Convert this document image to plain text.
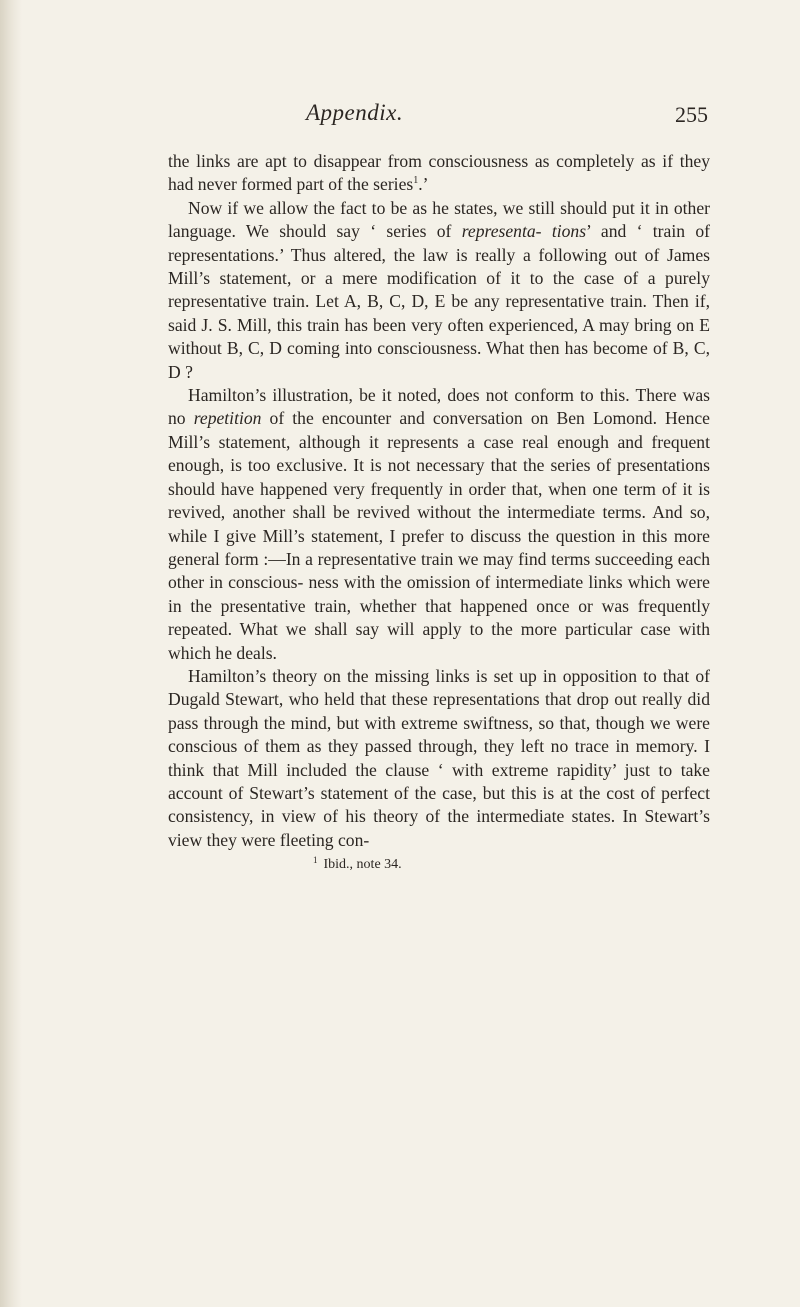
Appendix.	255

the links are apt to disappear from consciousness as completely as if they had never formed part of the series$^1$.’

Now if we allow the fact to be as he states, we still should put it in other language. We should say ‘ series of representa- tions’ and ‘ train of representations.’ Thus altered, the law is really a following out of James Mill’s statement, or a mere modification of it to the case of a purely representative train. Let A, B, C, D, E be any representative train. Then if, said J. S. Mill, this train has been very often experienced, A may bring on E without B, C, D coming into consciousness. What then has become of B, C, D ?

Hamilton’s illustration, be it noted, does not conform to this. There was no repetition of the encounter and conversation on Ben Lomond. Hence Mill’s statement, although it represents a case real enough and frequent enough, is too exclusive. It is not necessary that the series of presentations should have happened very frequently in order that, when one term of it is revived, another shall be revived without the intermediate terms. And so, while I give Mill’s statement, I prefer to discuss the question in this more general form :—In a representative train we may find terms succeeding each other in conscious- ness with the omission of intermediate links which were in the presentative train, whether that happened once or was frequently repeated. What we shall say will apply to the more particular case with which he deals.

Hamilton’s theory on the missing links is set up in opposition to that of Dugald Stewart, who held that these representations that drop out really did pass through the mind, but with extreme swiftness, so that, though we were conscious of them as they passed through, they left no trace in memory. I think that Mill included the clause ‘ with extreme rapidity’ just to take account of Stewart’s statement of the case, but this is at the cost of perfect consistency, in view of his theory of the intermediate states. In Stewart’s view they were fleeting con-

$^1$ Ibid., note 34.
